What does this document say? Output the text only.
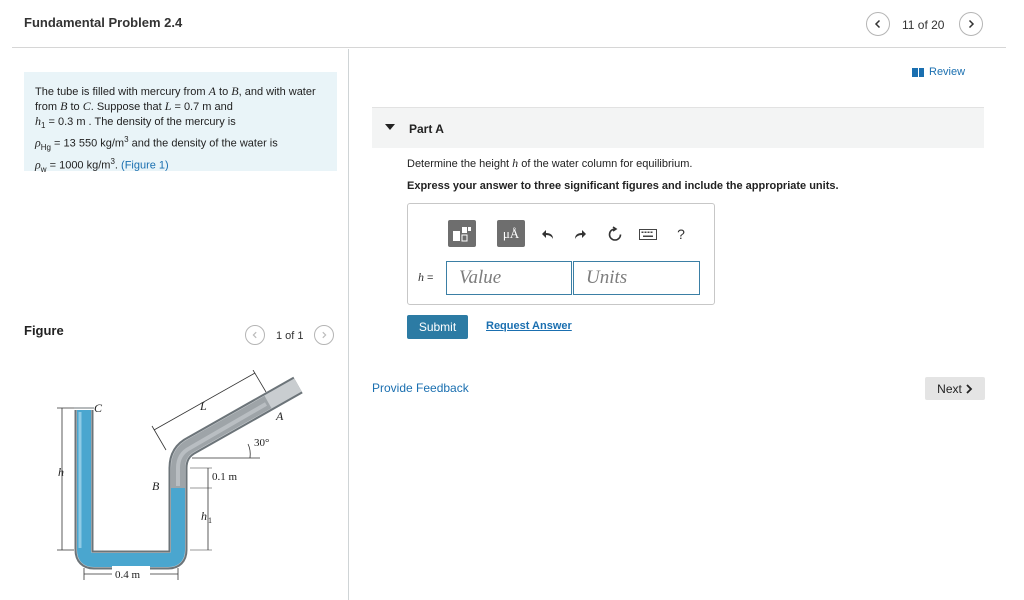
Fundamental Problem 2.4	11 of 20
The tube is filled with mercury from A to B, and with water from B to C. Suppose that L = 0.7 m and
$h_1 = 0.3$ m . The density of the mercury is
$\rho_{Hg} = 13$ 550 $kg/m^3$ and the density of the water is
$\rho_w = 1000$ $kg/m^3$. (Figure 1)
Figure	1 of 1
C	L
A
30°
h
B
0.1 m
h 1
0.4 m
Review
Part A
Determine the height h of the water column for equilibrium.
Express your answer to three significant figures and include the appropriate units.
μÅ	?
h =
Value
Units
Submit	Request Answer
Provide Feedback	Next
